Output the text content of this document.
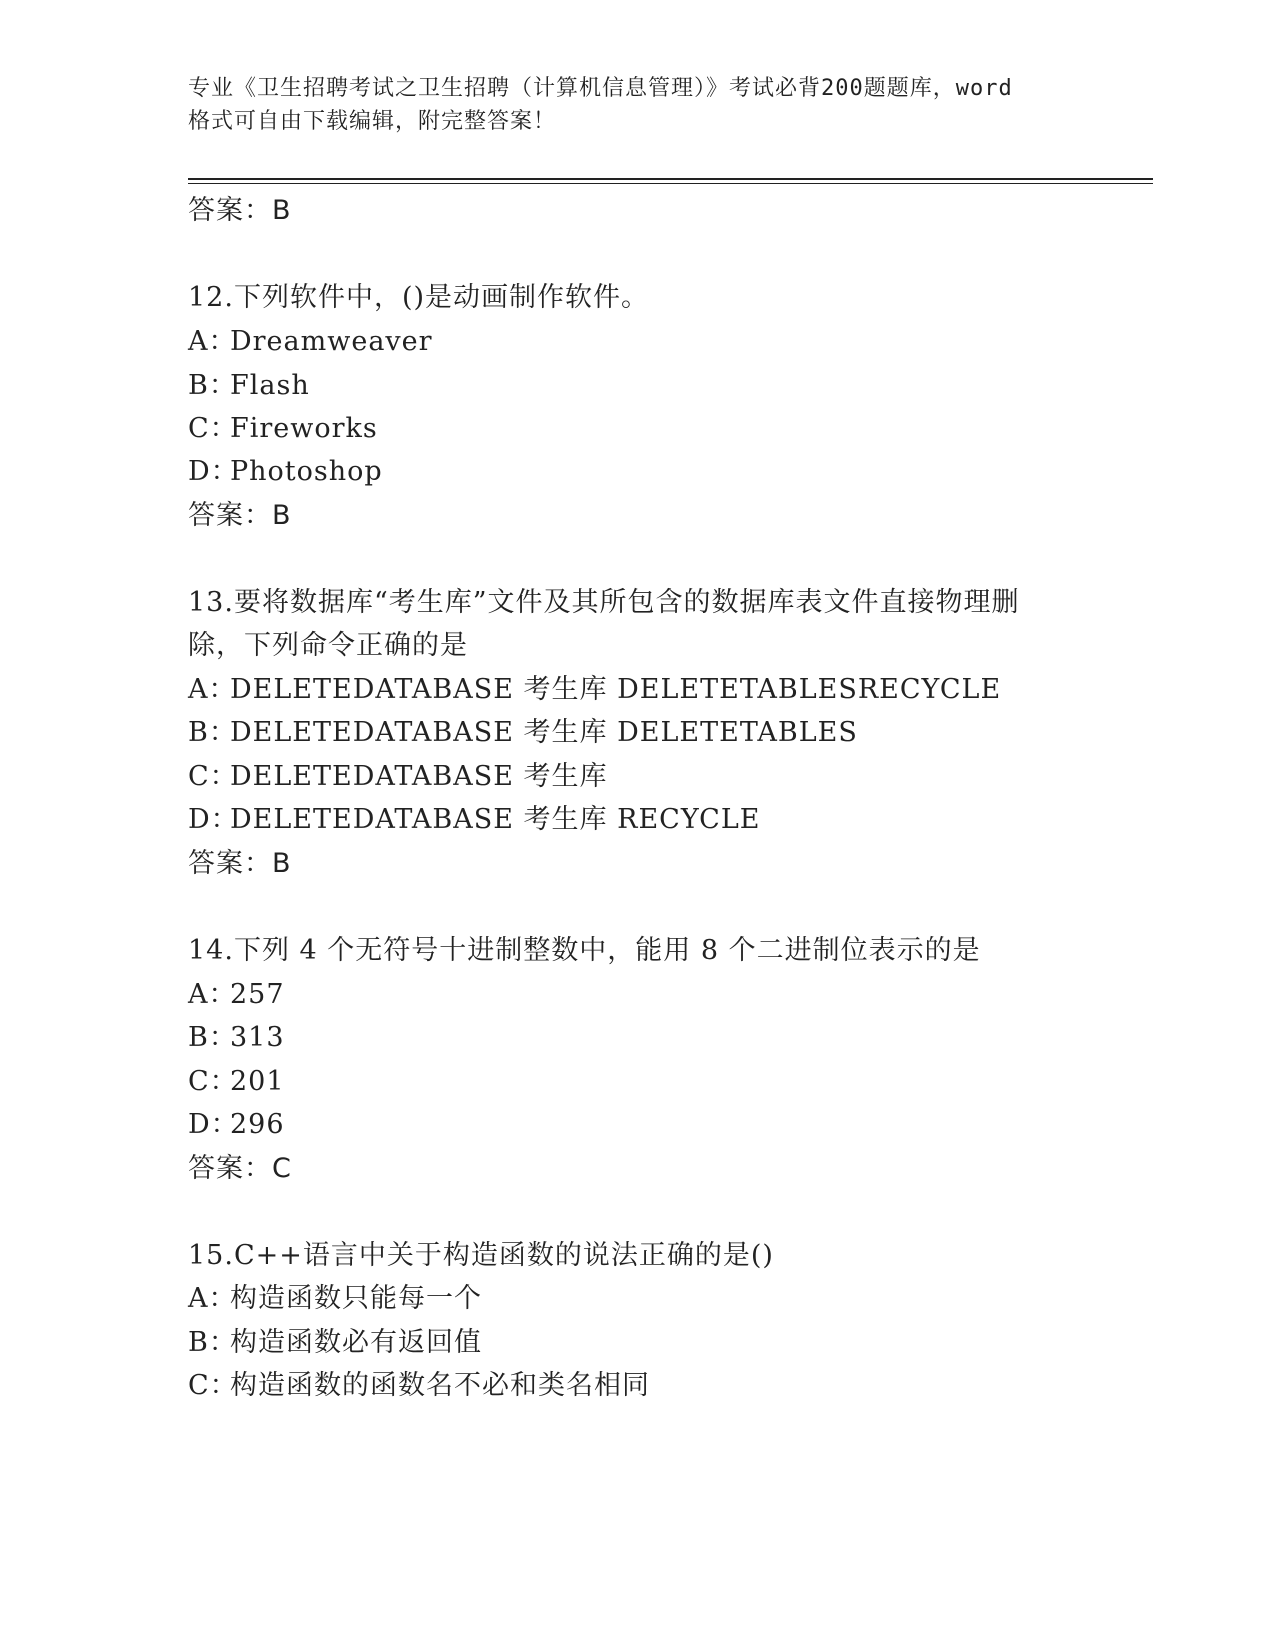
专业《卫生招聘考试之卫生招聘（计算机信息管理）》考试必背200题题库，word
格式可自由下载编辑，附完整答案！
答案：B
12.下列软件中，()是动画制作软件。
A：Dreamweaver
B：Flash
C：Fireworks
D：Photoshop
答案：B
13.要将数据库“考生库”文件及其所包含的数据库表文件直接物理删
除，下列命令正确的是
A：DELETEDATABASE 考生库 DELETETABLESRECYCLE
B：DELETEDATABASE 考生库 DELETETABLES
C：DELETEDATABASE 考生库
D：DELETEDATABASE 考生库 RECYCLE
答案：B
14.下列 4 个无符号十进制整数中，能用 8 个二进制位表示的是
A：257
B：313
C：201
D：296
答案：C
15.C++语言中关于构造函数的说法正确的是()
A：构造函数只能每一个
B：构造函数必有返回值
C：构造函数的函数名不必和类名相同
